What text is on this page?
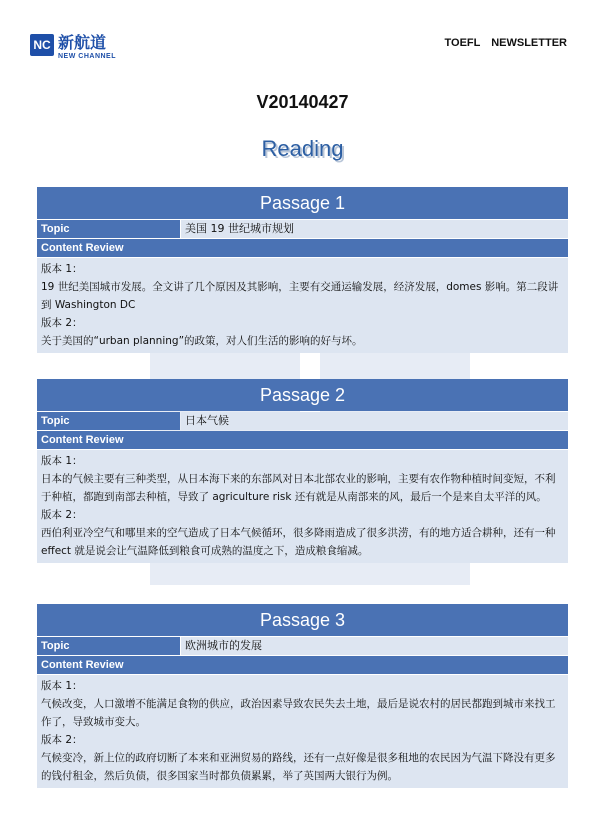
NC 新航道
NEW CHANNEL
TOEFL NEWSLETTER
V20140427
Reading
Passage 1
Topic	美国 19 世纪城市规划
Content Review
版本 1：
19 世纪美国城市发展。全文讲了几个原因及其影响，主要有交通运输发展，经济发展，domes 影响。第二段讲到 Washington DC
版本 2：
关于美国的“urban planning”的政策，对人们生活的影响的好与坏。
Passage 2
Topic	日本气候
Content Review
版本 1：
日本的气候主要有三种类型，从日本海下来的东部风对日本北部农业的影响，主要有农作物种植时间变短，不利于种植，都跑到南部去种植，导致了 agriculture risk 还有就是从南部来的风，最后一个是来自太平洋的风。
版本 2：
西伯利亚冷空气和哪里来的空气造成了日本气候循环，很多降雨造成了很多洪涝，有的地方适合耕种，还有一种 effect 就是说会让气温降低到粮食可成熟的温度之下，造成粮食缩减。
Passage 3
Topic	欧洲城市的发展
Content Review
版本 1：
气候改变，人口激增不能满足食物的供应，政治因素导致农民失去土地，最后是说农村的居民都跑到城市来找工作了，导致城市变大。
版本 2：
气候变冷，新上位的政府切断了本来和亚洲贸易的路线，还有一点好像是很多租地的农民因为气温下降没有更多的钱付租金，然后负债，很多国家当时都负债累累，举了英国两大银行为例。
